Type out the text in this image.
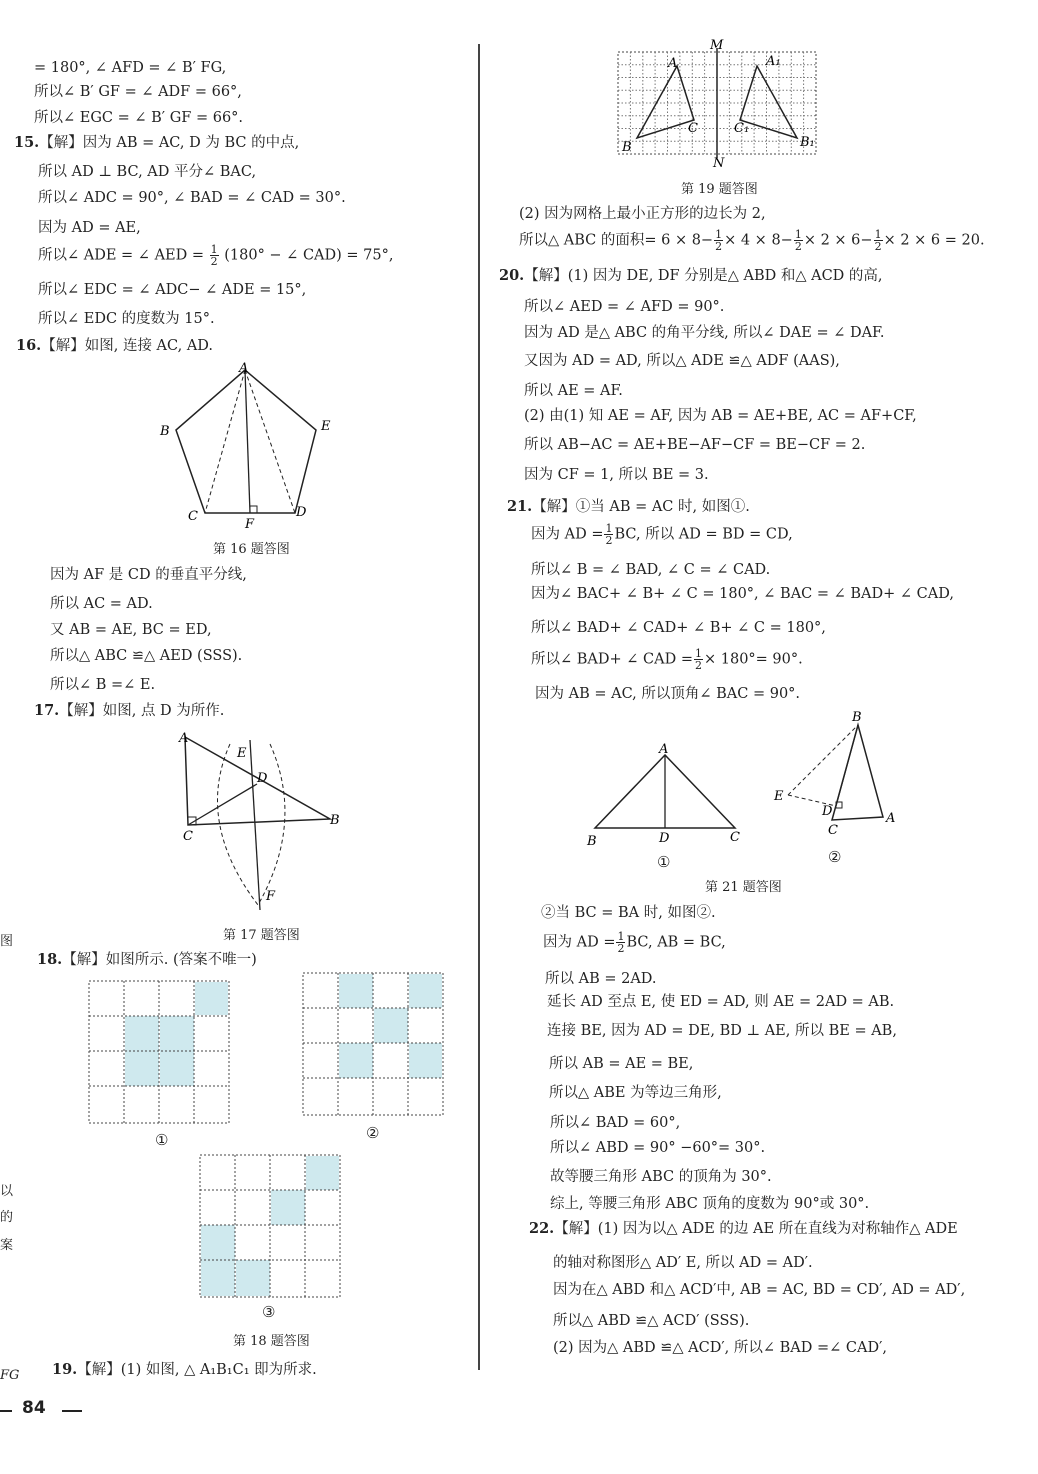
= 180°, ∠ AFD = ∠ B′ FG,
所以∠ B′ GF = ∠ ADF = 66°,
所以∠ EGC = ∠ B′ GF = 66°.
15.【解】因为 AB = AC, D 为 BC 的中点,
所以 AD ⊥ BC, AD 平分∠ BAC,
所以∠ ADC = 90°, ∠ BAD = ∠ CAD = 30°.
因为 AD = AE,
所以∠ ADE = ∠ AED = $\frac{1}{2} (180^\circ$ − ∠ CAD) = 75°,
所以∠ EDC = ∠ ADC− ∠ ADE = 15°,
所以∠ EDC 的度数为 15°.
16.【解】如图, 连接 AC, AD.
A
B
C	D
E
F
第 16 题答图
因为 AF 是 CD 的垂直平分线,
所以 AC = AD.
又 AB = AE, BC = ED,
所以△ ABC ≌△ AED (SSS).
所以∠ B =∠ E.
17.【解】如图, 点 D 为所作.
A
C
B
E
D
F
第 17 题答图
18.【解】如图所示. (答案不唯一)
①	②
③
第 18 题答图
19.【解】(1) 如图, △ A₁B₁C₁ 即为所求.
图
以
的
案
FG
84
M
N
A
B
C
A₁
B₁
C₁
第 19 题答图
(2) 因为网格上最小正方形的边长为 2,
所以△ ABC 的面积= $6 \times 8- \frac{1}{2} \times 4 \times 8- \frac{1}{2} \times 2 \times 6- \frac{1}{2} \times 2 \times 6 = 20$.
20.【解】(1) 因为 DE, DF 分别是△ ABD 和△ ACD 的高,
所以∠ AED = ∠ AFD = 90°.
因为 AD 是△ ABC 的角平分线, 所以∠ DAE = ∠ DAF.
又因为 AD = AD, 所以△ ADE ≌△ ADF (AAS),
所以 AE = AF.
(2) 由(1) 知 AE = AF, 因为 AB = AE+BE, AC = AF+CF,
所以 AB−AC = AE+BE−AF−CF = BE−CF = 2.
因为 CF = 1, 所以 BE = 3.
21.【解】①当 AB = AC 时, 如图①.
因为 AD = $\frac{1}{2}$ BC, 所以 AD = BD = CD,
所以∠ B = ∠ BAD, ∠ C = ∠ CAD.
因为∠ BAC+ ∠ B+ ∠ C = 180°, ∠ BAC = ∠ BAD+ ∠ CAD,
所以∠ BAD+ ∠ CAD+ ∠ B+ ∠ C = 180°,
所以∠ BAD+ ∠ CAD = $\frac{1}{2} \times 180^\circ= 90^\circ$.
因为 AB = AC, 所以顶角∠ BAC = 90°.
A
B	D	C
①
B
E
D
C
A
②
第 21 题答图
②当 BC = BA 时, 如图②.
因为 AD = $\frac{1}{2}$ BC, AB = BC,
所以 AB = 2AD.
延长 AD 至点 E, 使 ED = AD, 则 AE = 2AD = AB.
连接 BE, 因为 AD = DE, BD ⊥ AE, 所以 BE = AB,
所以 AB = AE = BE,
所以△ ABE 为等边三角形,
所以∠ BAD = 60°,
所以∠ ABD = 90° −60°= 30°.
故等腰三角形 ABC 的顶角为 30°.
综上, 等腰三角形 ABC 顶角的度数为 90°或 30°.
22.【解】(1) 因为以△ ADE 的边 AE 所在直线为对称轴作△ ADE
的轴对称图形△ AD′ E, 所以 AD = AD′.
因为在△ ABD 和△ ACD′中, AB = AC, BD = CD′, AD = AD′,
所以△ ABD ≌△ ACD′ (SSS).
(2) 因为△ ABD ≌△ ACD′, 所以∠ BAD =∠ CAD′,
